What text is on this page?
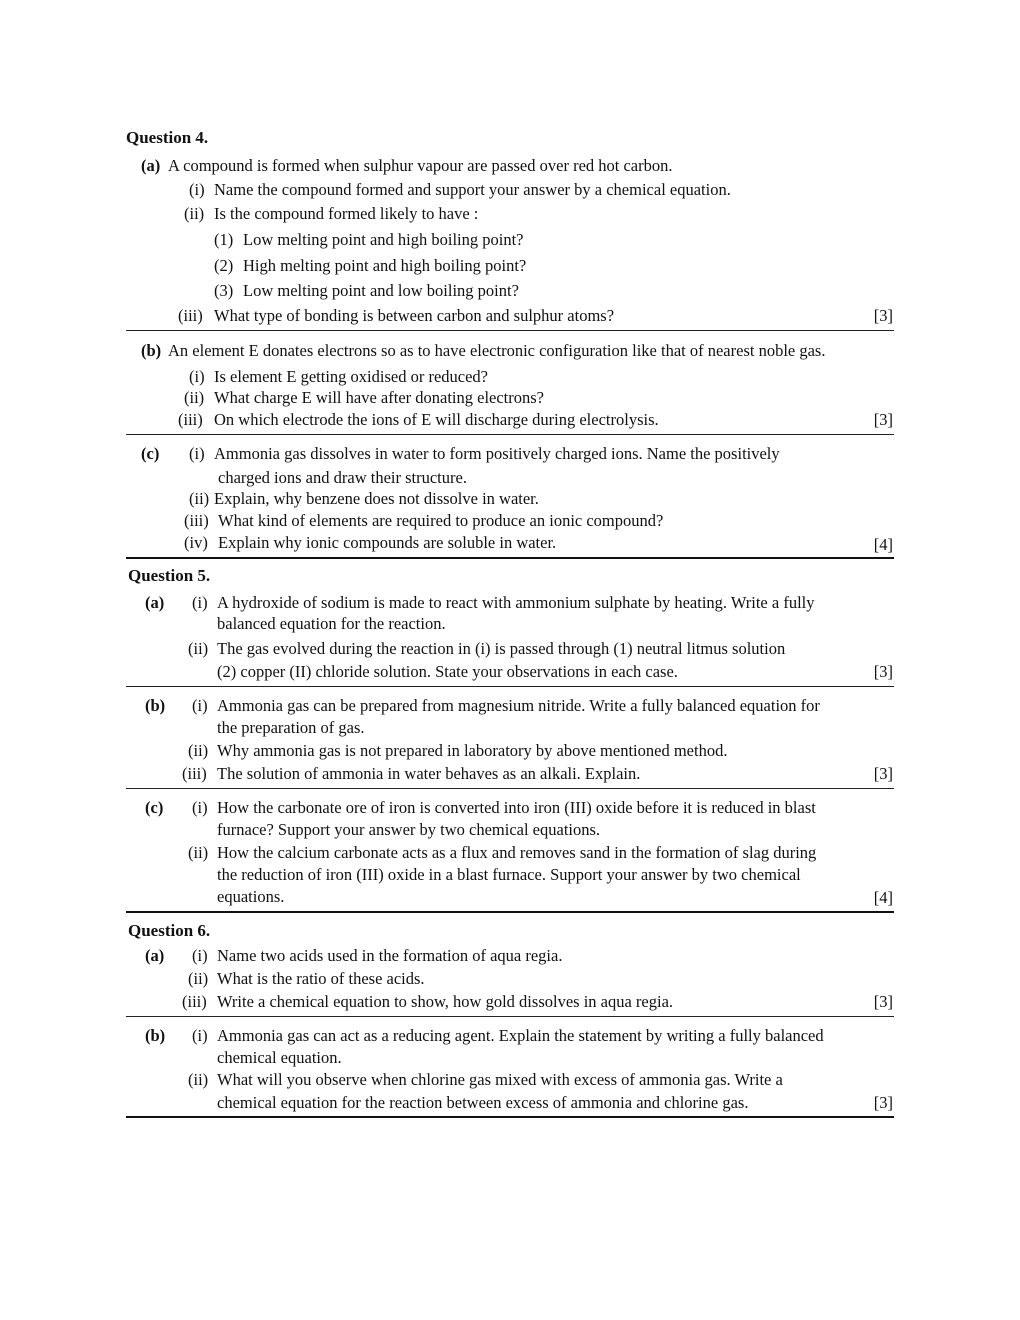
Question 4.
(a) A compound is formed when sulphur vapour are passed over red hot carbon.
(i) Name the compound formed and support your answer by a chemical equation.
(ii) Is the compound formed likely to have :
(1) Low melting point and high boiling point?
(2) High melting point and high boiling point?
(3) Low melting point and low boiling point?
(iii) What type of bonding is between carbon and sulphur atoms?	[3]
(b) An element E donates electrons so as to have electronic configuration like that of nearest noble gas.
(i) Is element E getting oxidised or reduced?
(ii) What charge E will have after donating electrons?
(iii) On which electrode the ions of E will discharge during electrolysis.	[3]
(c) (i) Ammonia gas dissolves in water to form positively charged ions. Name the positively
charged ions and draw their structure.
(ii) Explain, why benzene does not dissolve in water.
(iii) What kind of elements are required to produce an ionic compound?
(iv) Explain why ionic compounds are soluble in water.	[4]
Question 5.
(a) (i) A hydroxide of sodium is made to react with ammonium sulphate by heating. Write a fully
balanced equation for the reaction.
(ii) The gas evolved during the reaction in (i) is passed through (1) neutral litmus solution
(2) copper (II) chloride solution. State your observations in each case.	[3]
(b) (i) Ammonia gas can be prepared from magnesium nitride. Write a fully balanced equation for
the preparation of gas.
(ii) Why ammonia gas is not prepared in laboratory by above mentioned method.
(iii) The solution of ammonia in water behaves as an alkali. Explain.	[3]
(c) (i) How the carbonate ore of iron is converted into iron (III) oxide before it is reduced in blast
furnace? Support your answer by two chemical equations.
(ii) How the calcium carbonate acts as a flux and removes sand in the formation of slag during
the reduction of iron (III) oxide in a blast furnace. Support your answer by two chemical
equations.	[4]
Question 6.
(a) (i) Name two acids used in the formation of aqua regia.
(ii) What is the ratio of these acids.
(iii) Write a chemical equation to show, how gold dissolves in aqua regia.	[3]
(b) (i) Ammonia gas can act as a reducing agent. Explain the statement by writing a fully balanced
chemical equation.
(ii) What will you observe when chlorine gas mixed with excess of ammonia gas. Write a
chemical equation for the reaction between excess of ammonia and chlorine gas.	[3]
